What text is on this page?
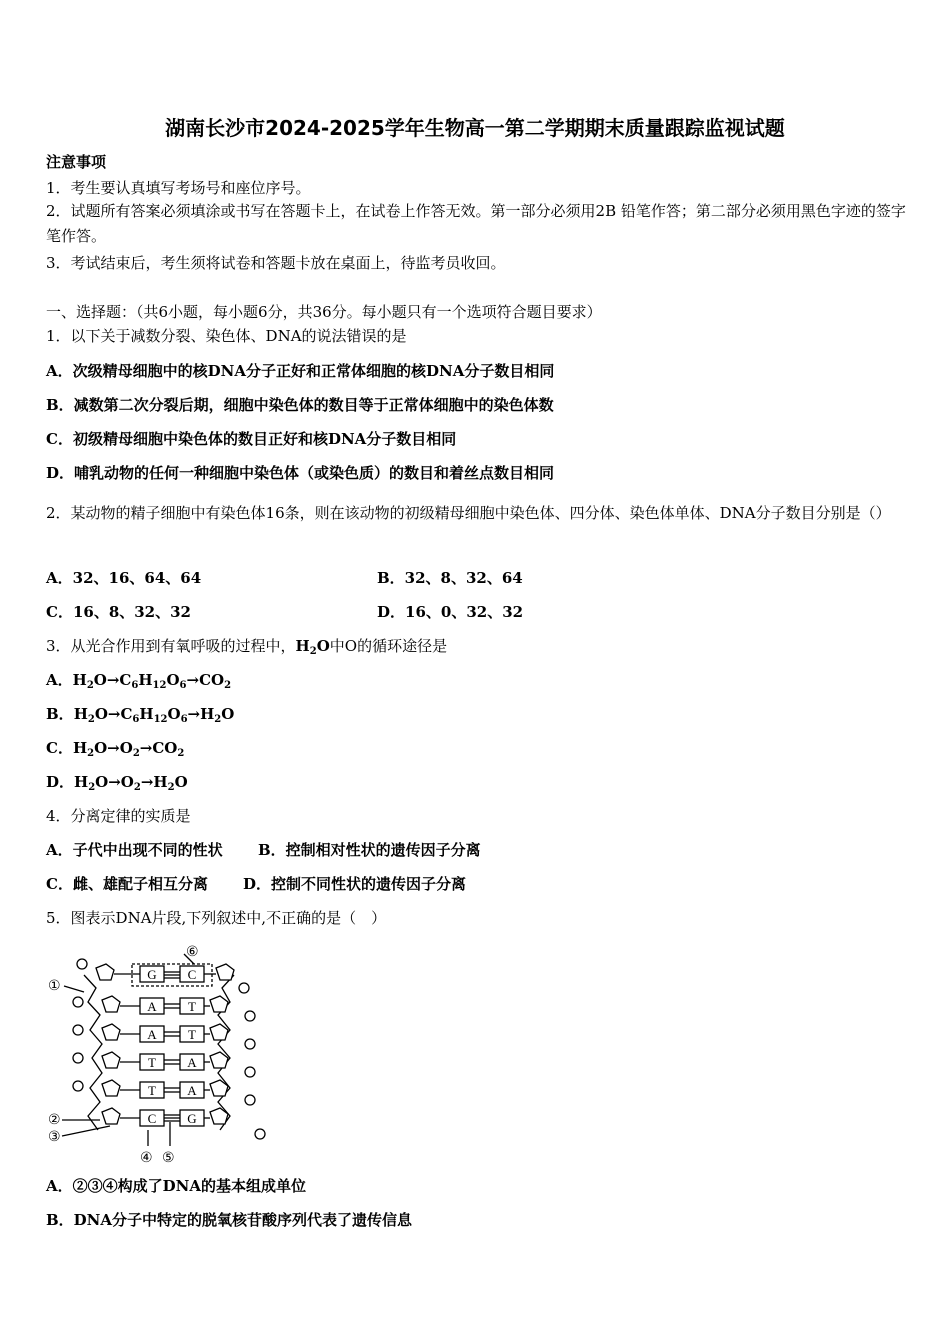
湖南长沙市2024-2025学年生物高一第二学期期末质量跟踪监视试题
注意事项
1．考生要认真填写考场号和座位序号。
2．试题所有答案必须填涂或书写在答题卡上，在试卷上作答无效。第一部分必须用2B 铅笔作答；第二部分必须用黑色字迹的签字笔作答。
3．考试结束后，考生须将试卷和答题卡放在桌面上，待监考员收回。
一、选择题：（共6小题，每小题6分，共36分。每小题只有一个选项符合题目要求）
1．以下关于减数分裂、染色体、DNA的说法错误的是
A．次级精母细胞中的核DNA分子正好和正常体细胞的核DNA分子数目相同
B．减数第二次分裂后期，细胞中染色体的数目等于正常体细胞中的染色体数
C．初级精母细胞中染色体的数目正好和核DNA分子数目相同
D．哺乳动物的任何一种细胞中染色体（或染色质）的数目和着丝点数目相同
2．某动物的精子细胞中有染色体16条，则在该动物的初级精母细胞中染色体、四分体、染色体单体、DNA分子数目分别是（）
A．32、16、64、64	B．32、8、32、64
C．16、8、32、32	D．16、0、32、32
3．从光合作用到有氧呼吸的过程中，$H_2O$中O的循环途径是
A．$H_2O\to C_6H_{12}O_6\to CO_2$
B．$H_2O\to C_6H_{12}O_6\to H_2O$
C．$H_2O\to O_2\to CO_2$
D．$H_2O\to O_2\to H_2O$
4．分离定律的实质是
A．子代中出现不同的性状 B．控制相对性状的遗传因子分离
C．雌、雄配子相互分离 D．控制不同性状的遗传因子分离
5．图表示DNA片段,下列叙述中,不正确的是（　）
G C
A T
A T
T A
T A
C G
⑥
①
②
③
④ ⑤
A．②③④构成了DNA的基本组成单位
B．DNA分子中特定的脱氧核苷酸序列代表了遗传信息
